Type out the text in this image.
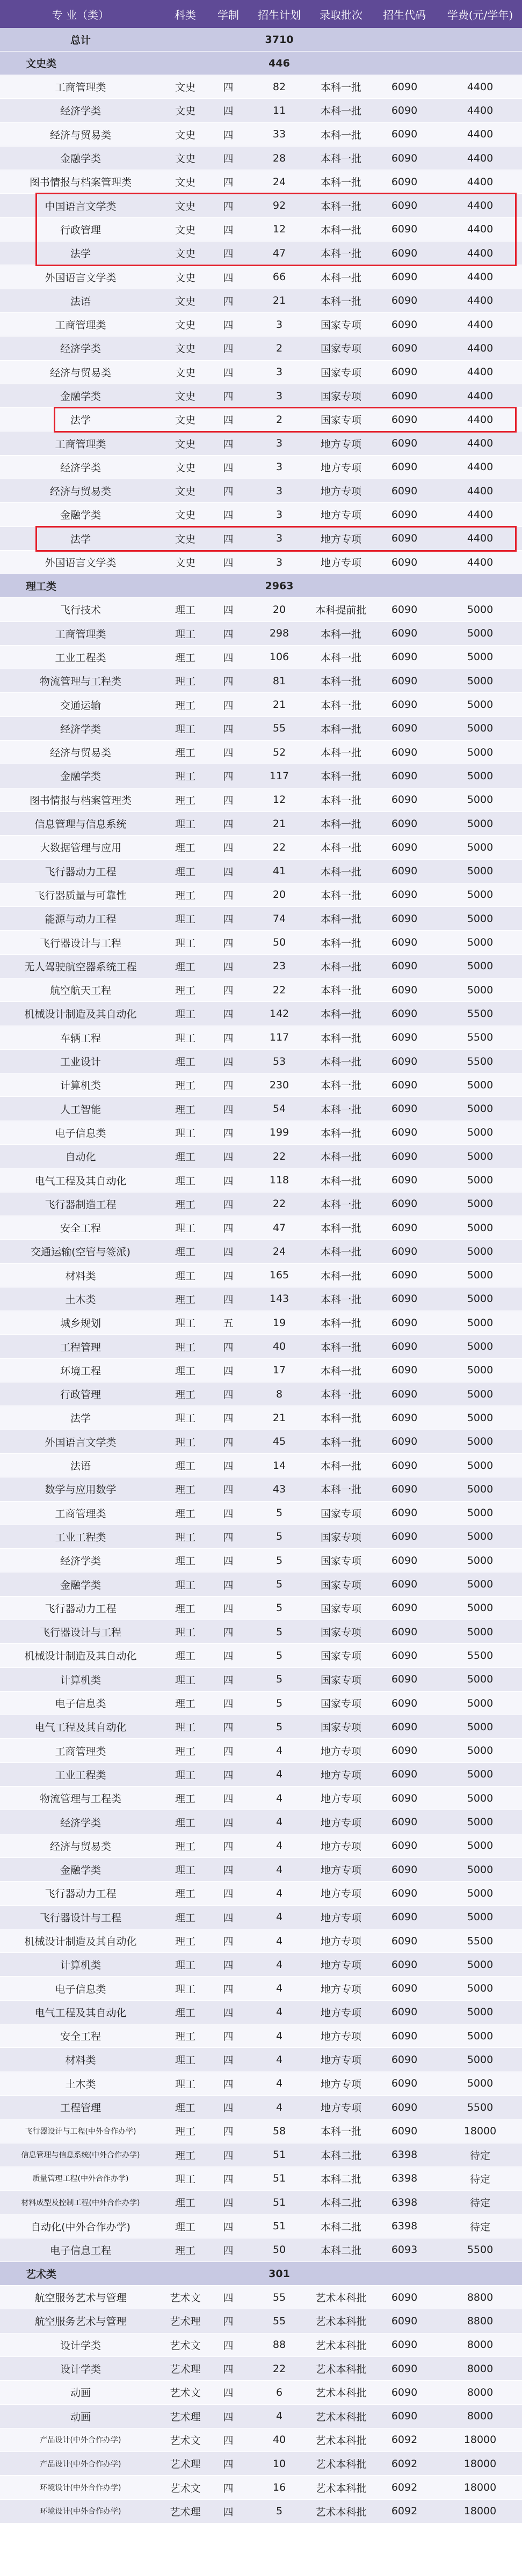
专 业（类）	科类	学制	招生计划	录取批次	招生代码	学费(元/学年)
总计	3710
文史类	446
工商管理类	文史	四	82	本科一批	6090	4400
经济学类	文史	四	11	本科一批	6090	4400
经济与贸易类	文史	四	33	本科一批	6090	4400
金融学类	文史	四	28	本科一批	6090	4400
图书情报与档案管理类	文史	四	24	本科一批	6090	4400
中国语言文学类	文史	四	92	本科一批	6090	4400
行政管理	文史	四	12	本科一批	6090	4400
法学	文史	四	47	本科一批	6090	4400
外国语言文学类	文史	四	66	本科一批	6090	4400
法语	文史	四	21	本科一批	6090	4400
工商管理类	文史	四	3	国家专项	6090	4400
经济学类	文史	四	2	国家专项	6090	4400
经济与贸易类	文史	四	3	国家专项	6090	4400
金融学类	文史	四	3	国家专项	6090	4400
法学	文史	四	2	国家专项	6090	4400
工商管理类	文史	四	3	地方专项	6090	4400
经济学类	文史	四	3	地方专项	6090	4400
经济与贸易类	文史	四	3	地方专项	6090	4400
金融学类	文史	四	3	地方专项	6090	4400
法学	文史	四	3	地方专项	6090	4400
外国语言文学类	文史	四	3	地方专项	6090	4400
理工类	2963
飞行技术	理工	四	20	本科提前批	6090	5000
工商管理类	理工	四	298	本科一批	6090	5000
工业工程类	理工	四	106	本科一批	6090	5000
物流管理与工程类	理工	四	81	本科一批	6090	5000
交通运输	理工	四	21	本科一批	6090	5000
经济学类	理工	四	55	本科一批	6090	5000
经济与贸易类	理工	四	52	本科一批	6090	5000
金融学类	理工	四	117	本科一批	6090	5000
图书情报与档案管理类	理工	四	12	本科一批	6090	5000
信息管理与信息系统	理工	四	21	本科一批	6090	5000
大数据管理与应用	理工	四	22	本科一批	6090	5000
飞行器动力工程	理工	四	41	本科一批	6090	5000
飞行器质量与可靠性	理工	四	20	本科一批	6090	5000
能源与动力工程	理工	四	74	本科一批	6090	5000
飞行器设计与工程	理工	四	50	本科一批	6090	5000
无人驾驶航空器系统工程	理工	四	23	本科一批	6090	5000
航空航天工程	理工	四	22	本科一批	6090	5000
机械设计制造及其自动化	理工	四	142	本科一批	6090	5500
车辆工程	理工	四	117	本科一批	6090	5500
工业设计	理工	四	53	本科一批	6090	5500
计算机类	理工	四	230	本科一批	6090	5000
人工智能	理工	四	54	本科一批	6090	5000
电子信息类	理工	四	199	本科一批	6090	5000
自动化	理工	四	22	本科一批	6090	5000
电气工程及其自动化	理工	四	118	本科一批	6090	5000
飞行器制造工程	理工	四	22	本科一批	6090	5000
安全工程	理工	四	47	本科一批	6090	5000
交通运输(空管与签派)	理工	四	24	本科一批	6090	5000
材料类	理工	四	165	本科一批	6090	5000
土木类	理工	四	143	本科一批	6090	5000
城乡规划	理工	五	19	本科一批	6090	5000
工程管理	理工	四	40	本科一批	6090	5000
环境工程	理工	四	17	本科一批	6090	5000
行政管理	理工	四	8	本科一批	6090	5000
法学	理工	四	21	本科一批	6090	5000
外国语言文学类	理工	四	45	本科一批	6090	5000
法语	理工	四	14	本科一批	6090	5000
数学与应用数学	理工	四	43	本科一批	6090	5000
工商管理类	理工	四	5	国家专项	6090	5000
工业工程类	理工	四	5	国家专项	6090	5000
经济学类	理工	四	5	国家专项	6090	5000
金融学类	理工	四	5	国家专项	6090	5000
飞行器动力工程	理工	四	5	国家专项	6090	5000
飞行器设计与工程	理工	四	5	国家专项	6090	5000
机械设计制造及其自动化	理工	四	5	国家专项	6090	5500
计算机类	理工	四	5	国家专项	6090	5000
电子信息类	理工	四	5	国家专项	6090	5000
电气工程及其自动化	理工	四	5	国家专项	6090	5000
工商管理类	理工	四	4	地方专项	6090	5000
工业工程类	理工	四	4	地方专项	6090	5000
物流管理与工程类	理工	四	4	地方专项	6090	5000
经济学类	理工	四	4	地方专项	6090	5000
经济与贸易类	理工	四	4	地方专项	6090	5000
金融学类	理工	四	4	地方专项	6090	5000
飞行器动力工程	理工	四	4	地方专项	6090	5000
飞行器设计与工程	理工	四	4	地方专项	6090	5000
机械设计制造及其自动化	理工	四	4	地方专项	6090	5500
计算机类	理工	四	4	地方专项	6090	5000
电子信息类	理工	四	4	地方专项	6090	5000
电气工程及其自动化	理工	四	4	地方专项	6090	5000
安全工程	理工	四	4	地方专项	6090	5000
材料类	理工	四	4	地方专项	6090	5000
土木类	理工	四	4	地方专项	6090	5000
工程管理	理工	四	4	地方专项	6090	5500
飞行器设计与工程(中外合作办学)	理工	四	58	本科一批	6090	18000
信息管理与信息系统(中外合作办学)	理工	四	51	本科二批	6398	待定
质量管理工程(中外合作办学)	理工	四	51	本科二批	6398	待定
材料成型及控制工程(中外合作办学)	理工	四	51	本科二批	6398	待定
自动化(中外合作办学)	理工	四	51	本科二批	6398	待定
电子信息工程	理工	四	50	本科二批	6093	5500
艺术类	301
航空服务艺术与管理	艺术文	四	55	艺术本科批	6090	8800
航空服务艺术与管理	艺术理	四	55	艺术本科批	6090	8800
设计学类	艺术文	四	88	艺术本科批	6090	8000
设计学类	艺术理	四	22	艺术本科批	6090	8000
动画	艺术文	四	6	艺术本科批	6090	8000
动画	艺术理	四	4	艺术本科批	6090	8000
产品设计(中外合作办学)	艺术文	四	40	艺术本科批	6092	18000
产品设计(中外合作办学)	艺术理	四	10	艺术本科批	6092	18000
环境设计(中外合作办学)	艺术文	四	16	艺术本科批	6092	18000
环境设计(中外合作办学)	艺术理	四	5	艺术本科批	6092	18000
